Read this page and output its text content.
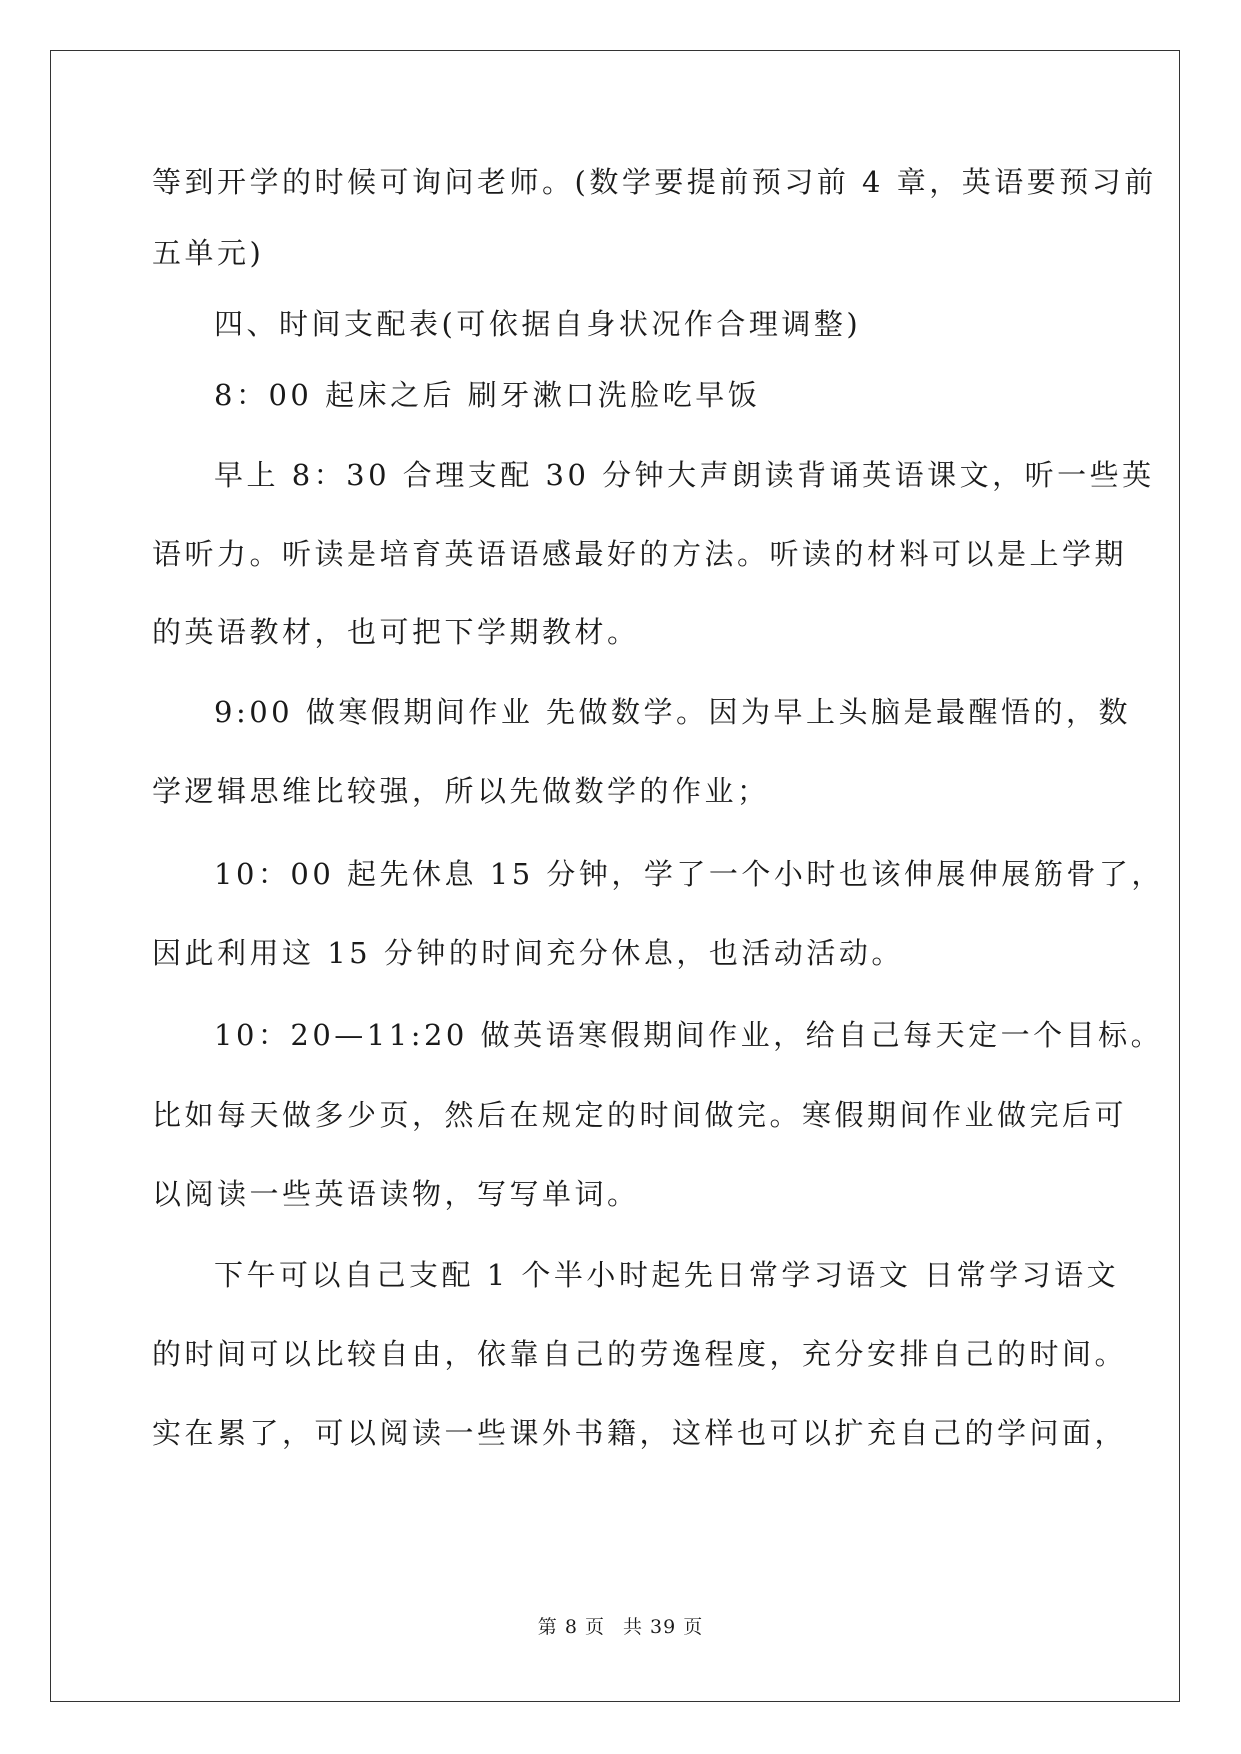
等到开学的时候可询问老师。(数学要提前预习前 4 章，英语要预习前
五单元)
四、时间支配表(可依据自身状况作合理调整)
8：00 起床之后 刷牙漱口洗脸吃早饭
早上 8：30 合理支配 30 分钟大声朗读背诵英语课文，听一些英
语听力。听读是培育英语语感最好的方法。听读的材料可以是上学期
的英语教材，也可把下学期教材。
9:00 做寒假期间作业 先做数学。因为早上头脑是最醒悟的，数
学逻辑思维比较强，所以先做数学的作业；
10：00 起先休息 15 分钟，学了一个小时也该伸展伸展筋骨了，
因此利用这 15 分钟的时间充分休息，也活动活动。
10：20—11:20 做英语寒假期间作业，给自己每天定一个目标。
比如每天做多少页，然后在规定的时间做完。寒假期间作业做完后可
以阅读一些英语读物，写写单词。
下午可以自己支配 1 个半小时起先日常学习语文 日常学习语文
的时间可以比较自由，依靠自己的劳逸程度，充分安排自己的时间。
实在累了，可以阅读一些课外书籍，这样也可以扩充自己的学问面，
第 8 页 共 39 页
